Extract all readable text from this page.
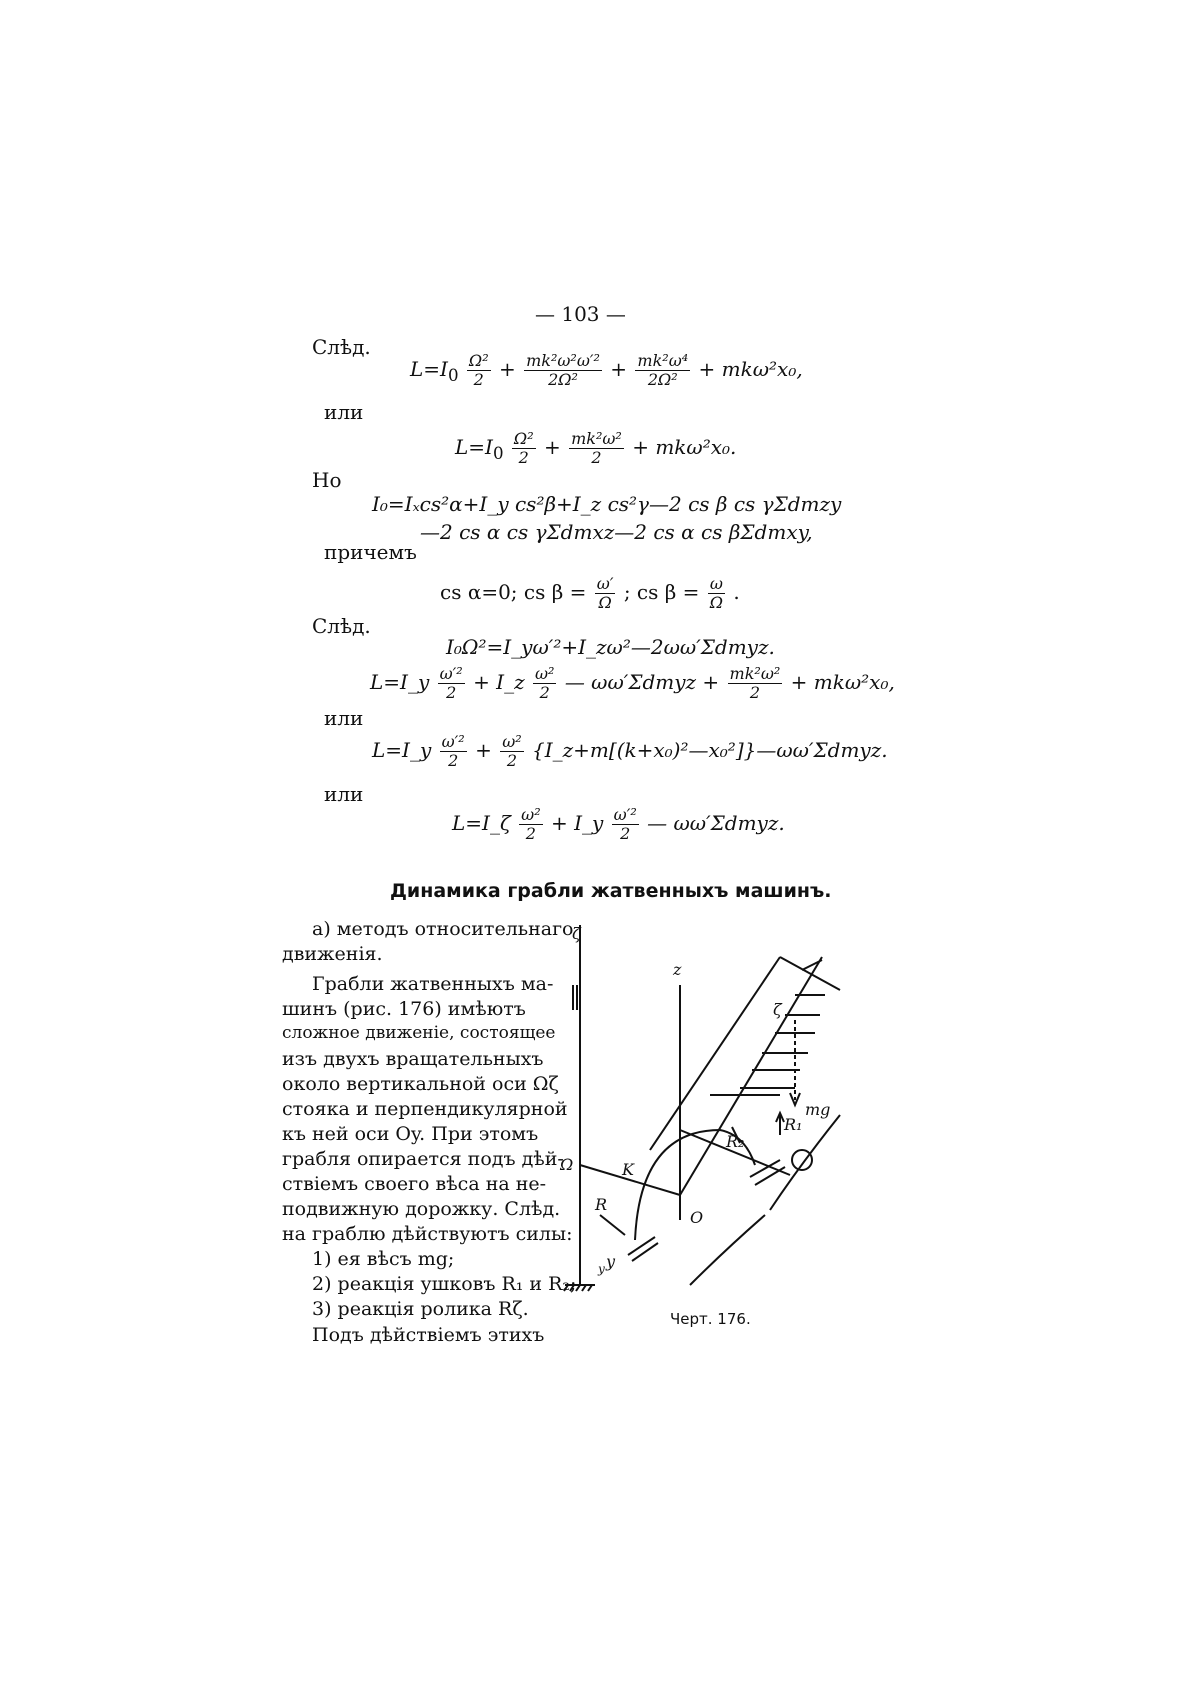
— 103 —
Слѣд.
или
Но
причемъ
Слѣд.
или
или
$L=I_0 \frac{\text{Ω²}}{2} + \frac{\text{mk²ω²ω′²}}{\text{2Ω²}} + \frac{\text{mk²ω⁴}}{\text{2Ω²}} + mk\omega^2x_0$,
$L=I_0 \frac{\text{Ω²}}{2} + \frac{\text{mk²ω²}}{2} + mk\omega^2x_0$.
I₀=Iₓcs²α+I_y cs²β+I_z cs²γ—2 cs β cs γΣdmzy
—2 cs α cs γΣdmxz—2 cs α cs βΣdmxy,
cs α=0; cs $\beta = \frac{\omega'}{\Omega}$ ; cs $\beta = \frac{\omega}{\Omega}$ .
I₀Ω²=I_yω′²+I_zω²—2ωω′Σdmyz.
L=I_y $\frac{\text{ω′²}}{2}$ + I_z $\frac{\text{ω²}}{2}$ — ωω′Σdmyz + $\frac{\text{mk²ω²}}{2} + mk\omega^2x_0$,
L=I_y $\frac{\text{ω′²}}{2} + \frac{\text{ω²}}{2}$ {I_z+m[(k+x₀)²—x₀²]}—ωω′Σdmyz.
L=I_ζ $\frac{\text{ω²}}{2}$ + I_y $\frac{\text{ω′²}}{2}$ — ωω′Σdmyz.
Динамика грабли жатвенныхъ машинъ.
а) методъ относительнаго
движенія.
Грабли жатвенныхъ ма-
шинъ (рис. 176) имѣютъ
сложное движеніе, состоящее
изъ двухъ вращательныхъ
около вертикальной оси Ωζ
стояка и перпендикулярной
къ ней оси Oy. При этомъ
грабля опирается подъ дѣй-
ствіемъ своего вѣса на не-
подвижную дорожку. Слѣд.
на граблю дѣйствуютъ силы:
1) ея вѣсъ mg;
2) реакція ушковъ R₁ и R₂;
3) реакція ролика Rζ.
Подъ дѣйствіемъ этихъ
ζ
z
ζ
mg
R₁
R₂
Ω	K
O
R
y
y
Черт. 176.
